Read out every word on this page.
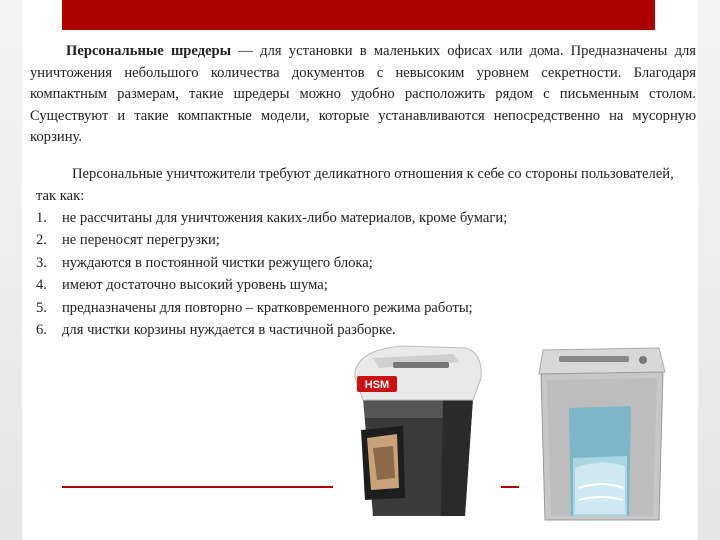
Персональные шредеры — для установки в маленьких офисах или дома. Предназначены для уничтожения небольшого количества документов с невысоким уровнем секретности. Благодаря компактным размерам, такие шредеры можно удобно расположить рядом с письменным столом. Существуют и такие компактные модели, которые устанавливаются непосредственно на мусорную корзину.

Персональные уничтожители требуют деликатного отношения к себе со стороны пользователей, так как:

1.	не рассчитаны для уничтожения каких-либо материалов, кроме бумаги;
2.	не переносят перегрузки;
3.	нуждаются в постоянной чистки режущего блока;
4.	имеют достаточно высокий уровень шума;
5.	предназначены для повторно – кратковременного режима работы;
6.	для чистки корзины нуждается в частичной разборке.
HSM
